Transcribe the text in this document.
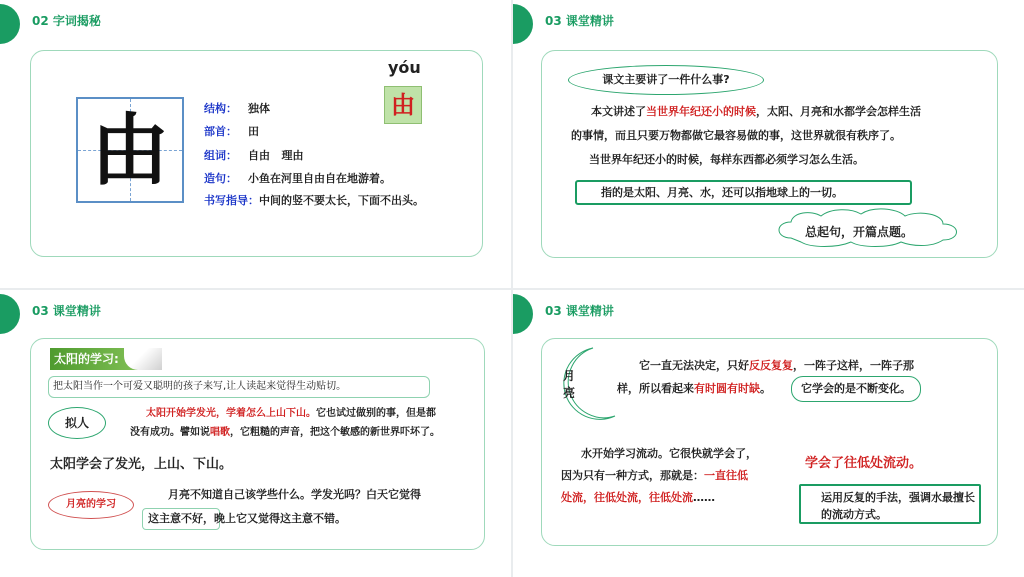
02 字词揭秘
由	结构： 独体
部首： 田
组词： 自由   理由
造句： 小鱼在河里自由自在地游着。
书写指导：中间的竖不要太长，下面不出头。
yóu
由
03 课堂精讲
课文主要讲了一件什么事?
本文讲述了当世界年纪还小的时候，太阳、月亮和水都学会怎样生活
的事情，而且只要万物都做它最容易做的事，这世界就很有秩序了。
当世界年纪还小的时候，每样东西都必须学习怎么生活。
指的是太阳、月亮、水，还可以指地球上的一切。
总起句，开篇点题。
03 课堂精讲
太阳的学习:
把太阳当作一个可爱又聪明的孩子来写,让人读起来觉得生动贴切。
拟人
太阳开始学发光，学着怎么上山下山。它也试过做别的事，但是都
没有成功。譬如说唱歌，它粗糙的声音，把这个敏感的新世界吓坏了。
太阳学会了发光，上山、下山。
月亮的学习
月亮不知道自己该学些什么。学发光吗？白天它觉得
这主意不好，晚上它又觉得这主意不错。
03 课堂精讲
月亮
它一直无法决定，只好反反复复，一阵子这样，一阵子那
样，所以看起来有时圆有时缺。	它学会的是不断变化。
水开始学习流动。它很快就学会了，
因为只有一种方式，那就是：一直往低
处流，往低处流，往低处流……
学会了往低处流动。
运用反复的手法，强调水最擅长的流动方式。
